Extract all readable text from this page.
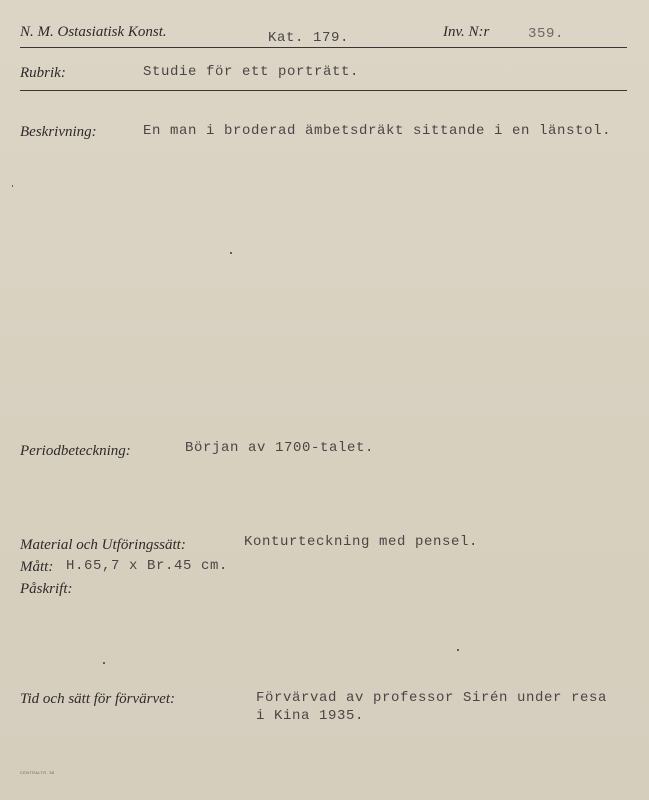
N. M. Ostasiatisk Konst.	Kat. 179.	Inv. N:r	359.
Rubrik:	Studie för ett porträtt.
Beskrivning:	En man i broderad ämbetsdräkt sittande i en länstol.
Periodbeteckning:	Början av 1700-talet.
Material och Utföringssätt:	Konturteckning med pensel.
Mått: H.65,7 x Br.45 cm.
Påskrift:
Tid och sätt för förvärvet:	Förvärvad av professor Sirén under resa
i Kina 1935.
CENTRALTR. 38
